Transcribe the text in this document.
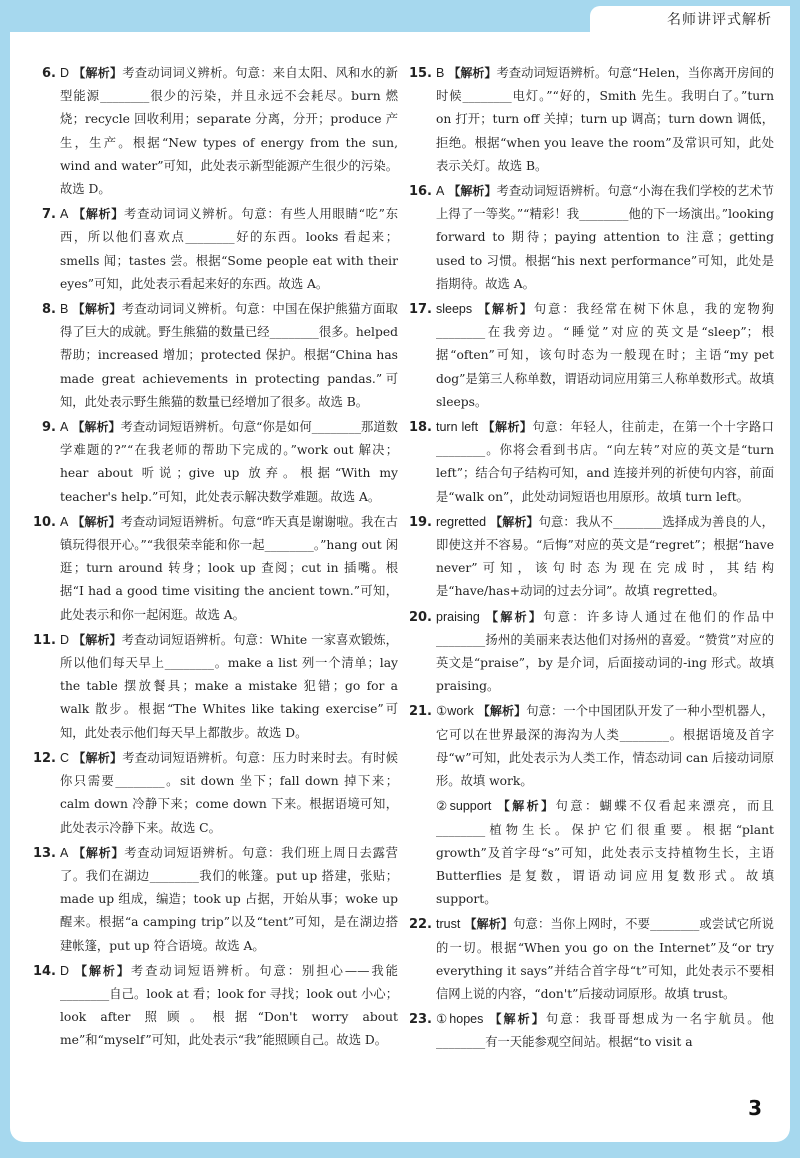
名师讲评式解析
6. D 【解析】考查动词词义辨析。句意：来自太阳、风和水的新型能源________很少的污染，并且永远不会耗尽。burn 燃烧；recycle 回收利用；separate 分离，分开；produce 产生，生产。根据“New types of energy from the sun, wind and water”可知，此处表示新型能源产生很少的污染。故选 D。
7. A 【解析】考查动词词义辨析。句意：有些人用眼睛“吃”东西，所以他们喜欢点________好的东西。looks 看起来；smells 闻；tastes 尝。根据“Some people eat with their eyes”可知，此处表示看起来好的东西。故选 A。
8. B 【解析】考查动词词义辨析。句意：中国在保护熊猫方面取得了巨大的成就。野生熊猫的数量已经________很多。helped 帮助；increased 增加；protected 保护。根据“China has made great achievements in protecting pandas.”可知，此处表示野生熊猫的数量已经增加了很多。故选 B。
9. A 【解析】考查动词短语辨析。句意“你是如何________那道数学难题的?”“在我老师的帮助下完成的。”work out 解决；hear about 听说；give up 放弃。根据“With my teacher's help.”可知，此处表示解决数学难题。故选 A。
10. A 【解析】考查动词短语辨析。句意“昨天真是谢谢啦。我在古镇玩得很开心。”“我很荣幸能和你一起________。”hang out 闲逛；turn around 转身；look up 查阅；cut in 插嘴。根据“I had a good time visiting the ancient town.”可知，此处表示和你一起闲逛。故选 A。
11. D 【解析】考查动词短语辨析。句意：White 一家喜欢锻炼，所以他们每天早上________。make a list 列一个清单；lay the table 摆放餐具；make a mistake 犯错；go for a walk 散步。根据“The Whites like taking exercise”可知，此处表示他们每天早上都散步。故选 D。
12. C 【解析】考查动词短语辨析。句意：压力时来时去。有时候你只需要________。sit down 坐下；fall down 掉下来；calm down 冷静下来；come down 下来。根据语境可知，此处表示冷静下来。故选 C。
13. A 【解析】考查动词短语辨析。句意：我们班上周日去露营了。我们在湖边________我们的帐篷。put up 搭建，张贴；made up 组成，编造；took up 占据，开始从事；woke up 醒来。根据“a camping trip”以及“tent”可知，是在湖边搭建帐篷，put up 符合语境。故选 A。
14. D 【解析】考查动词短语辨析。句意：别担心——我能________自己。look at 看；look for 寻找；look out 小心；look after 照顾。根据“Don't worry about me”和“myself”可知，此处表示“我”能照顾自己。故选 D。
15. B 【解析】考查动词短语辨析。句意“Helen，当你离开房间的时候________电灯。”“好的，Smith 先生。我明白了。”turn on 打开；turn off 关掉；turn up 调高；turn down 调低，拒绝。根据“when you leave the room”及常识可知，此处表示关灯。故选 B。
16. A 【解析】考查动词短语辨析。句意“小海在我们学校的艺术节上得了一等奖。”“精彩！我________他的下一场演出。”looking forward to 期待；paying attention to 注意；getting used to 习惯。根据“his next performance”可知，此处是指期待。故选 A。
17. sleeps 【解析】句意：我经常在树下休息，我的宠物狗________在我旁边。“睡觉”对应的英文是“sleep”；根据“often”可知，该句时态为一般现在时；主语“my pet dog”是第三人称单数，谓语动词应用第三人称单数形式。故填 sleeps。
18. turn left 【解析】句意：年轻人，往前走，在第一个十字路口________。你将会看到书店。“向左转”对应的英文是“turn left”；结合句子结构可知，and 连接并列的祈使句内容，前面是“walk on”，此处动词短语也用原形。故填 turn left。
19. regretted 【解析】句意：我从不________选择成为善良的人，即使这并不容易。“后悔”对应的英文是“regret”；根据“have never”可知，该句时态为现在完成时，其结构是“have/has+动词的过去分词”。故填 regretted。
20. praising 【解析】句意：许多诗人通过在他们的作品中________扬州的美丽来表达他们对扬州的喜爱。“赞赏”对应的英文是“praise”，by 是介词，后面接动词的-ing 形式。故填 praising。
21. ①work 【解析】句意：一个中国团队开发了一种小型机器人，它可以在世界最深的海沟为人类________。根据语境及首字母“w”可知，此处表示为人类工作，情态动词 can 后接动词原形。故填 work。
②support 【解析】句意：蝴蝶不仅看起来漂亮，而且________植物生长。保护它们很重要。根据“plant growth”及首字母“s”可知，此处表示支持植物生长，主语 Butterflies 是复数，谓语动词应用复数形式。故填 support。
22. trust 【解析】句意：当你上网时，不要________或尝试它所说的一切。根据“When you go on the Internet”及“or try everything it says”并结合首字母“t”可知，此处表示不要相信网上说的内容，“don't”后接动词原形。故填 trust。
23. ①hopes 【解析】句意：我哥哥想成为一名宇航员。他________有一天能参观空间站。根据“to visit a
3
